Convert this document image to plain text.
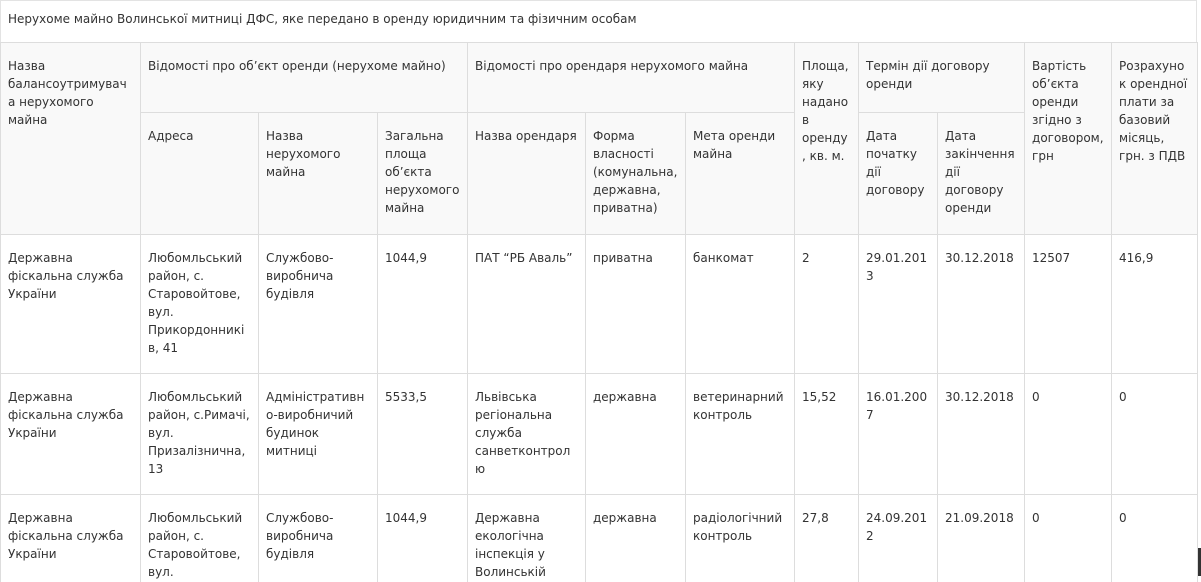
Нерухоме майно Волинської митниці ДФС, яке передано в оренду юридичним та фізичним особам
Назва балансоутримувача нерухомого майна	Відомості про об’єкт оренди (нерухоме майно)			Відомості про орендаря нерухомого майна			Площа, яку надано в оренду, кв. м.	Термін дії договору оренди		Вартість об’єкта оренди згідно з договором, грн	Розрахунок орендної плати за базовий місяць, грн. з ПДВ
	Адреса	Назва нерухомого майна	Загальна площа об’єкта нерухомого майна	Назва орендаря	Форма власності (комунальна, державна, приватна)	Мета оренди майна		Дата початку дії договору	Дата закінчення дії договору оренди		
Державна фіскальна служба України	Любомльський район, с. Старовойтове, вул. Прикордонників, 41	Службово-виробнича будівля	1044,9	ПАТ “РБ Аваль”	приватна	банкомат	2	29.01.2013	30.12.2018	12507	416,9
Державна фіскальна служба України	Любомльський район, с.Римачі, вул. Призалізнична, 13	Адміністративно-виробничий будинок митниці	5533,5	Львівська регіональна служба санветконтролю	державна	ветеринарний контроль	15,52	16.01.2007	30.12.2018	0	0
Державна фіскальна служба України	Любомльський район, с. Старовойтове, вул.	Службово-виробнича будівля	1044,9	Державна екологічна інспекція у Волинській	державна	радіологічний контроль	27,8	24.09.2012	21.09.2018	0	0
